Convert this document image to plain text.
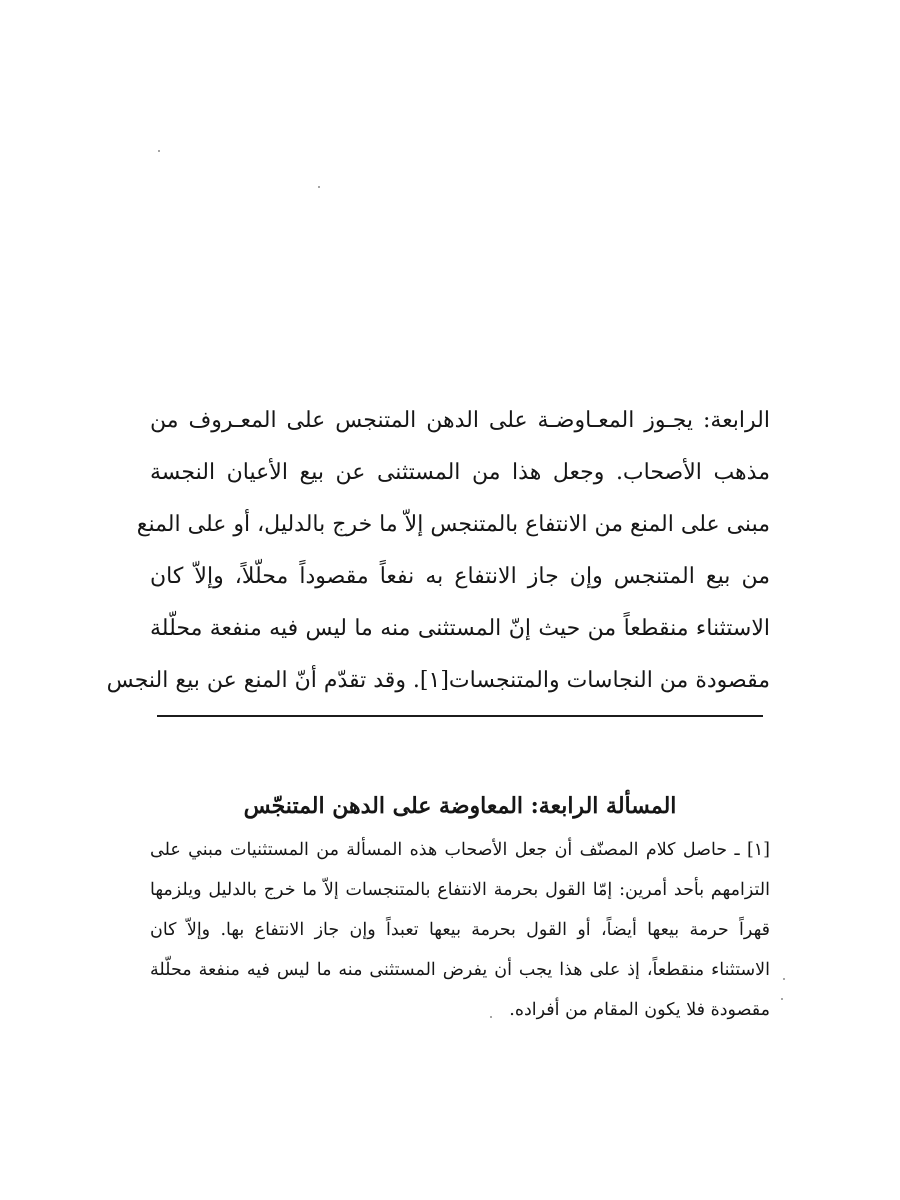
الرابعة: يجـوز المعـاوضـة على الدهن المتنجس على المعـروف من
مذهب الأصحاب. وجعل هذا من المستثنى عن بيع الأعيان النجسة
مبنى على المنع من الانتفاع بالمتنجس إلاّ ما خرج بالدليل، أو على المنع
من بيع المتنجس وإن جاز الانتفاع به نفعاً مقصوداً محلّلاً، وإلاّ كان
الاستثناء منقطعاً من حيث إنّ المستثنى منه ما ليس فيه منفعة محلّلة
مقصودة من النجاسات والمتنجسات[١]. وقد تقدّم أنّ المنع عن بيع النجس
المسألة الرابعة: المعاوضة على الدهن المتنجّس
[١] ـ حاصل كلام المصنّف أن جعل الأصحاب هذه المسألة من المستثنيات مبني على
التزامهم بأحد أمرين: إمّا القول بحرمة الانتفاع بالمتنجسات إلاّ ما خرج بالدليل ويلزمها
قهراً حرمة بيعها أيضاً، أو القول بحرمة بيعها تعبداً وإن جاز الانتفاع بها. وإلاّ كان
الاستثناء منقطعاً، إذ على هذا يجب أن يفرض المستثنى منه ما ليس فيه منفعة محلّلة
مقصودة فلا يكون المقام من أفراده.
